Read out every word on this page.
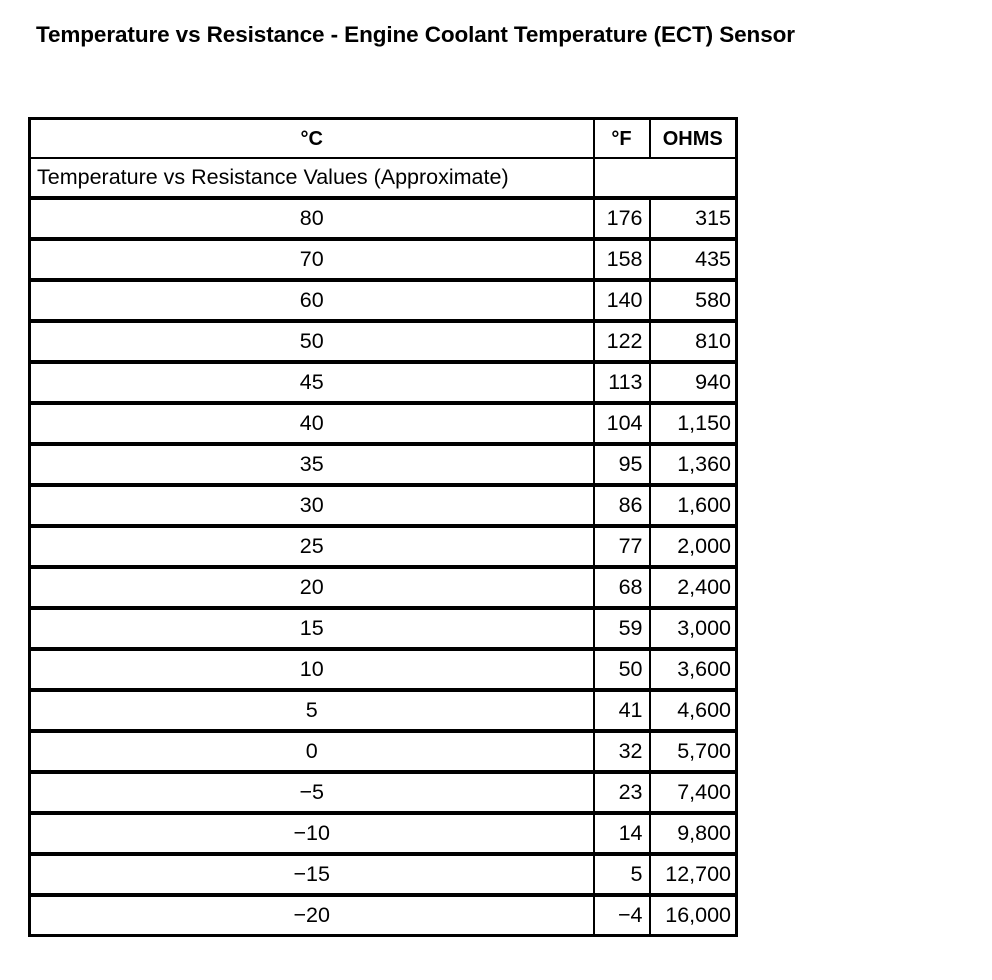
Temperature vs Resistance - Engine Coolant Temperature (ECT) Sensor
°C	°F	OHMS
Temperature vs Resistance Values (Approximate)		
80	176	315
70	158	435
60	140	580
50	122	810
45	113	940
40	104	1,150
35	95	1,360
30	86	1,600
25	77	2,000
20	68	2,400
15	59	3,000
10	50	3,600
5	41	4,600
0	32	5,700
−5	23	7,400
−10	14	9,800
−15	5	12,700
−20	−4	16,000
